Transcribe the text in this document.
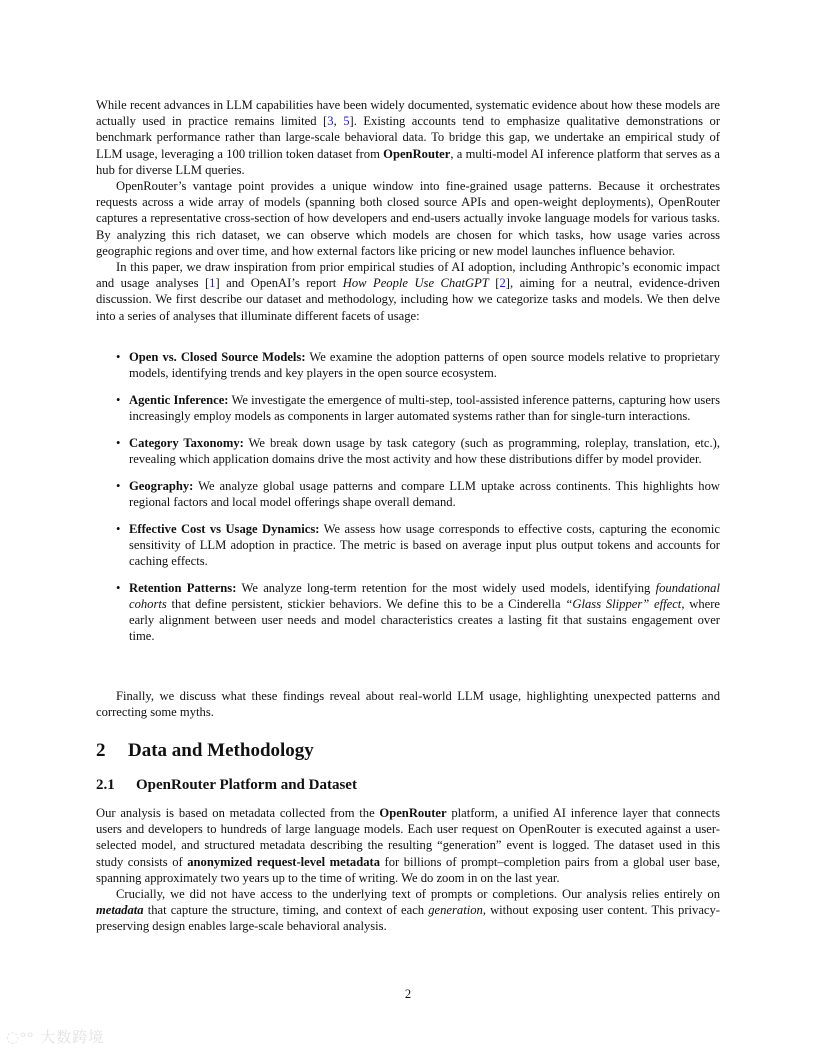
While recent advances in LLM capabilities have been widely documented, systematic evidence about how these models are actually used in practice remains limited [3, 5]. Existing accounts tend to emphasize qualitative demonstrations or benchmark performance rather than large-scale behavioral data. To bridge this gap, we undertake an empirical study of LLM usage, leveraging a 100 trillion token dataset from OpenRouter, a multi-model AI inference platform that serves as a hub for diverse LLM queries.

OpenRouter’s vantage point provides a unique window into fine-grained usage patterns. Because it orchestrates requests across a wide array of models (spanning both closed source APIs and open-weight deployments), OpenRouter captures a representative cross-section of how developers and end-users actually invoke language models for various tasks. By analyzing this rich dataset, we can observe which models are chosen for which tasks, how usage varies across geographic regions and over time, and how external factors like pricing or new model launches influence behavior.

In this paper, we draw inspiration from prior empirical studies of AI adoption, including Anthropic’s economic impact and usage analyses [1] and OpenAI’s report How People Use ChatGPT [2], aiming for a neutral, evidence-driven discussion. We first describe our dataset and methodology, including how we categorize tasks and models. We then delve into a series of analyses that illuminate different facets of usage:

• Open vs. Closed Source Models: We examine the adoption patterns of open source models relative to proprietary models, identifying trends and key players in the open source ecosystem.
• Agentic Inference: We investigate the emergence of multi-step, tool-assisted inference patterns, capturing how users increasingly employ models as components in larger automated systems rather than for single-turn interactions.
• Category Taxonomy: We break down usage by task category (such as programming, roleplay, translation, etc.), revealing which application domains drive the most activity and how these distributions differ by model provider.
• Geography: We analyze global usage patterns and compare LLM uptake across continents. This highlights how regional factors and local model offerings shape overall demand.
• Effective Cost vs Usage Dynamics: We assess how usage corresponds to effective costs, capturing the economic sensitivity of LLM adoption in practice. The metric is based on average input plus output tokens and accounts for caching effects.
• Retention Patterns: We analyze long-term retention for the most widely used models, identifying foundational cohorts that define persistent, stickier behaviors. We define this to be a Cinderella “Glass Slipper” effect, where early alignment between user needs and model characteristics creates a lasting fit that sustains engagement over time.

Finally, we discuss what these findings reveal about real-world LLM usage, highlighting unexpected patterns and correcting some myths.

2 Data and Methodology
2.1 OpenRouter Platform and Dataset

Our analysis is based on metadata collected from the OpenRouter platform, a unified AI inference layer that connects users and developers to hundreds of large language models. Each user request on OpenRouter is executed against a user-selected model, and structured metadata describing the resulting “generation” event is logged. The dataset used in this study consists of anonymized request-level metadata for billions of prompt–completion pairs from a global user base, spanning approximately two years up to the time of writing. We do zoom in on the last year.

Crucially, we did not have access to the underlying text of prompts or completions. Our analysis relies entirely on metadata that capture the structure, timing, and context of each generation, without exposing user content. This privacy-preserving design enables large-scale behavioral analysis.

2
◌ᵒᵒ 大数跨境
